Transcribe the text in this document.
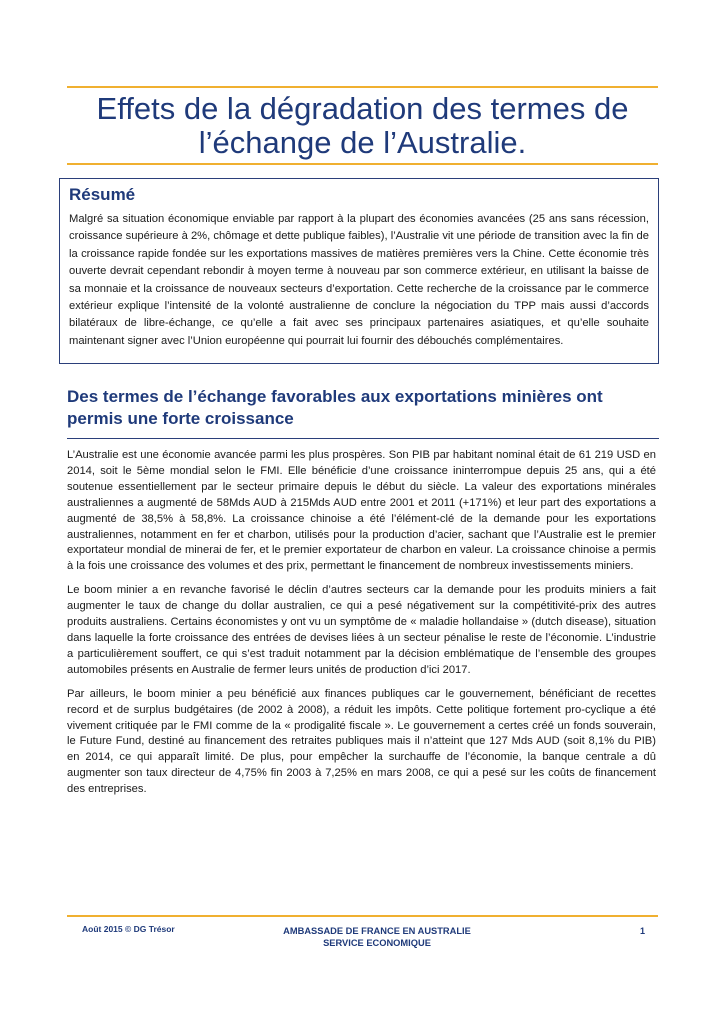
Effets de la dégradation des termes de l’échange de l’Australie.
Résumé

Malgré sa situation économique enviable par rapport à la plupart des économies avancées (25 ans sans récession, croissance supérieure à 2%, chômage et dette publique faibles), l’Australie vit une période de transition avec la fin de la croissance rapide fondée sur les exportations massives de matières premières vers la Chine. Cette économie très ouverte devrait cependant rebondir à moyen terme à nouveau par son commerce extérieur, en utilisant la baisse de sa monnaie et la croissance de nouveaux secteurs d’exportation. Cette recherche de la croissance par le commerce extérieur explique l’intensité de la volonté australienne de conclure la négociation du TPP mais aussi d’accords bilatéraux de libre-échange, ce qu’elle a fait avec ses principaux partenaires asiatiques, et qu’elle souhaite maintenant signer avec l’Union européenne qui pourrait lui fournir des débouchés complémentaires.

Des termes de l’échange favorables aux exportations minières ont permis une forte croissance

L’Australie est une économie avancée parmi les plus prospères. Son PIB par habitant nominal était de 61 219 USD en 2014, soit le 5ème mondial selon le FMI. Elle bénéficie d’une croissance ininterrompue depuis 25 ans, qui a été soutenue essentiellement par le secteur primaire depuis le début du siècle. La valeur des exportations minérales australiennes a augmenté de 58Mds AUD à 215Mds AUD entre 2001 et 2011 (+171%) et leur part des exportations a augmenté de 38,5% à 58,8%. La croissance chinoise a été l’élément-clé de la demande pour les exportations australiennes, notamment en fer et charbon, utilisés pour la production d’acier, sachant que l’Australie est le premier exportateur mondial de minerai de fer, et le premier exportateur de charbon en valeur. La croissance chinoise a permis à la fois une croissance des volumes et des prix, permettant le financement de nombreux investissements miniers.

Le boom minier a en revanche favorisé le déclin d’autres secteurs car la demande pour les produits miniers a fait augmenter le taux de change du dollar australien, ce qui a pesé négativement sur la compétitivité-prix des autres produits australiens. Certains économistes y ont vu un symptôme de « maladie hollandaise » (dutch disease), situation dans laquelle la forte croissance des entrées de devises liées à un secteur pénalise le reste de l’économie. L’industrie a particulièrement souffert, ce qui s’est traduit notamment par la décision emblématique de l’ensemble des groupes automobiles présents en Australie de fermer leurs unités de production d’ici 2017.

Par ailleurs, le boom minier a peu bénéficié aux finances publiques car le gouvernement, bénéficiant de recettes record et de surplus budgétaires (de 2002 à 2008), a réduit les impôts. Cette politique fortement pro-cyclique a été vivement critiquée par le FMI comme de la « prodigalité fiscale ». Le gouvernement a certes créé un fonds souverain, le Future Fund, destiné au financement des retraites publiques mais il n’atteint que 127 Mds AUD (soit 8,1% du PIB) en 2014, ce qui apparaît limité. De plus, pour empêcher la surchauffe de l’économie, la banque centrale a dû augmenter son taux directeur de 4,75% fin 2003 à 7,25% en mars 2008, ce qui a pesé sur les coûts de financement des entreprises.

Août 2015 © DG Trésor	AMBASSADE DE FRANCE EN AUSTRALIE
SERVICE ECONOMIQUE
1
